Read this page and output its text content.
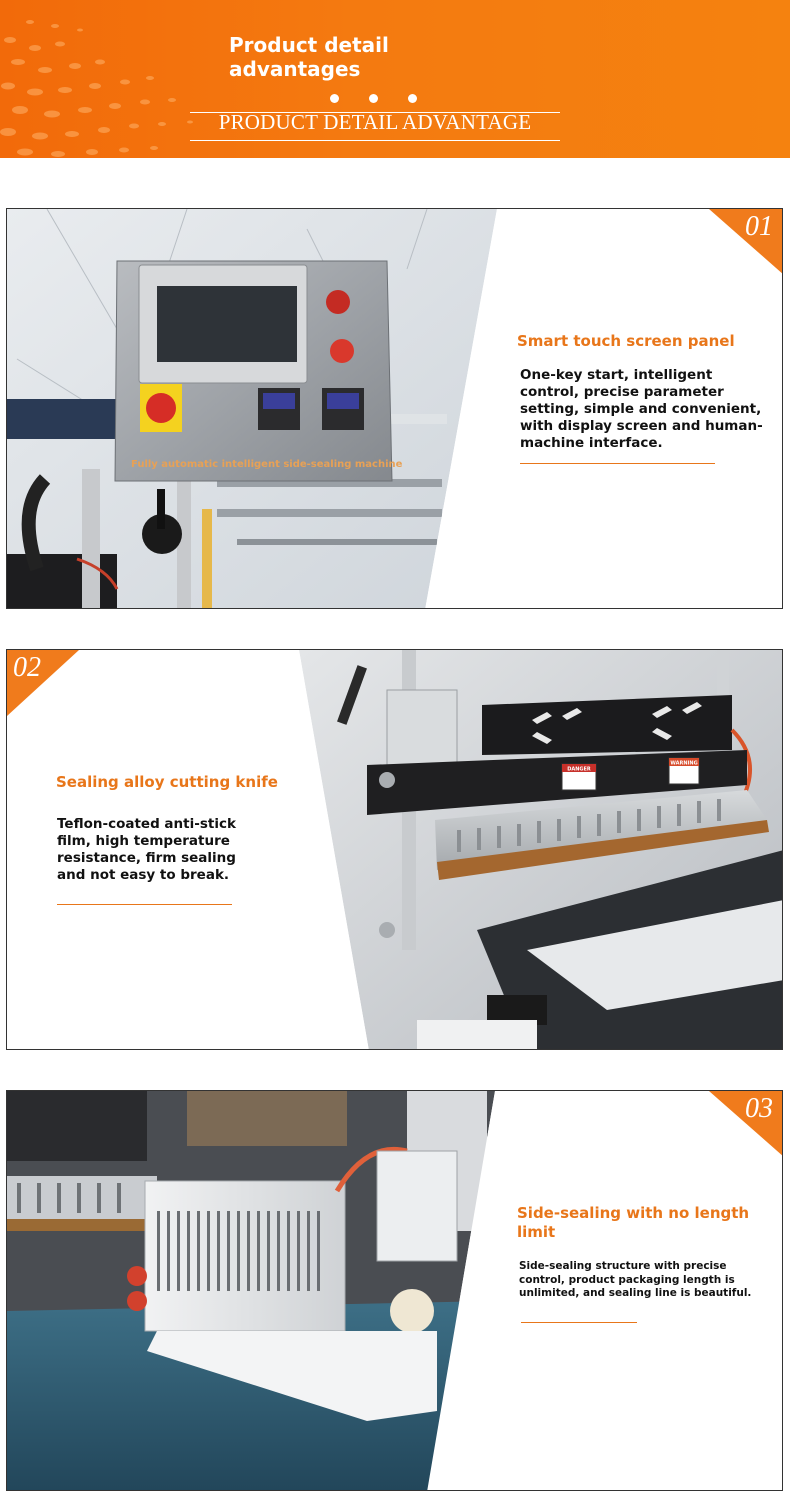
Product detail
advantages
PRODUCT DETAIL ADVANTAGE
Fully automatic intelligent side-sealing machine
01
Smart touch screen panel
One-key start, intelligent control, precise parameter setting, simple and convenient, with display screen and human-machine interface.
DANGER
WARNING
02
Sealing alloy cutting knife
Teflon-coated anti-stick film, high temperature resistance, firm sealing and not easy to break.
03
Side-sealing with no length limit
Side-sealing structure with precise control, product packaging length is unlimited, and sealing line is beautiful.
